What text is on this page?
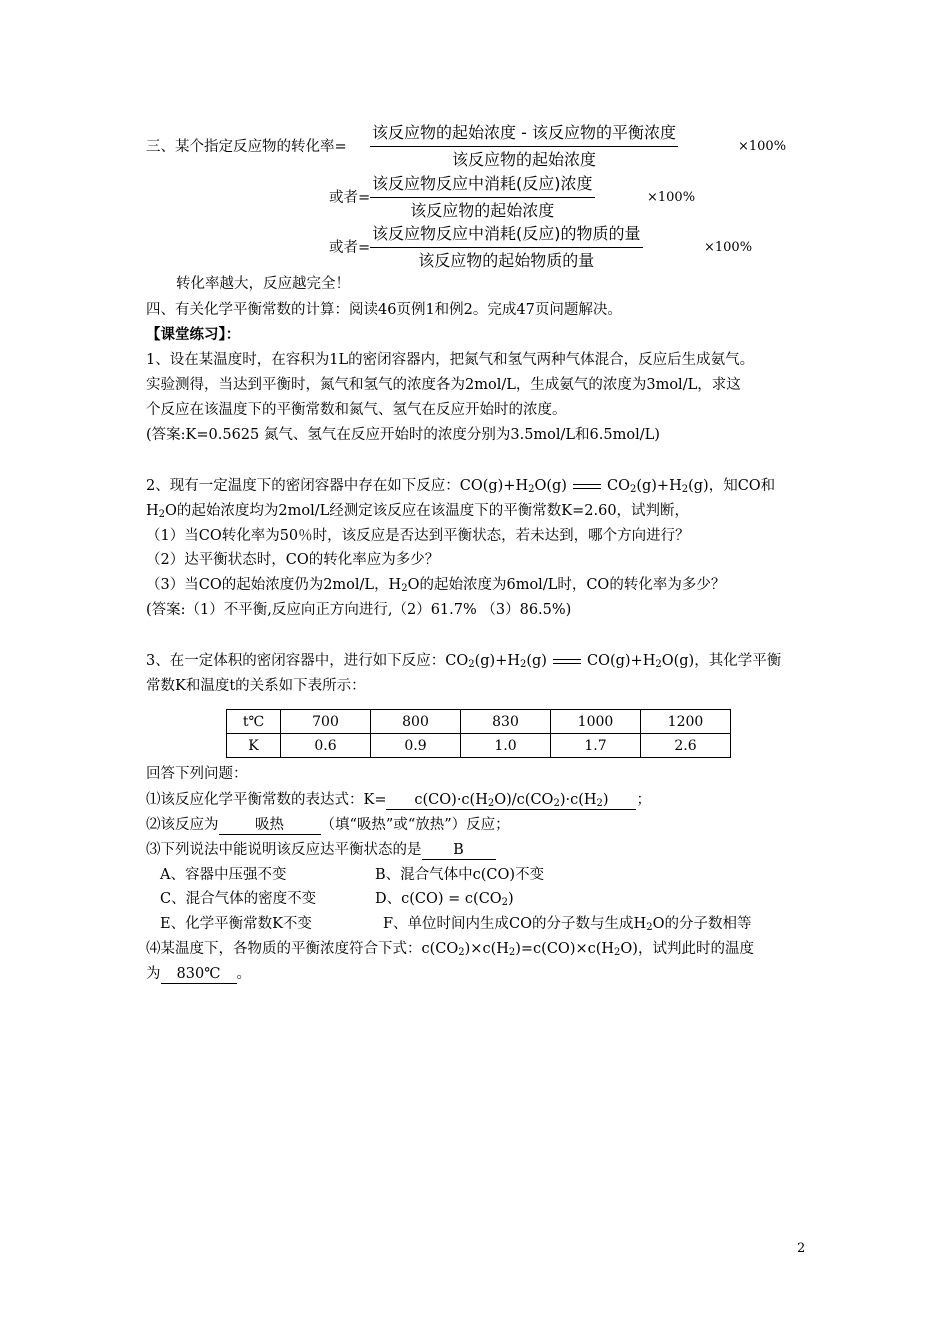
三、某个指定反应物的转化率=
该反应物的起始浓度 - 该反应物的平衡浓度
该反应物的起始浓度
×100%
或者=
该反应物反应中消耗(反应)浓度
该反应物的起始浓度
×100%
或者=
该反应物反应中消耗(反应)的物质的量
该反应物的起始物质的量
×100%
转化率越大，反应越完全！
四、有关化学平衡常数的计算：阅读46页例1和例2。完成47页问题解决。
【课堂练习】：
1、设在某温度时，在容积为1L的密闭容器内，把氮气和氢气两种气体混合，反应后生成氨气。
实验测得，当达到平衡时，氮气和氢气的浓度各为2mol/L，生成氨气的浓度为3mol/L，求这
个反应在该温度下的平衡常数和氮气、氢气在反应开始时的浓度。
(答案:K=0.5625 氮气、氢气在反应开始时的浓度分别为3.5mol/L和6.5mol/L)
2、现有一定温度下的密闭容器中存在如下反应：$CO(g)+H_2O(g)$	$CO_2(g)+H_2(g)$，知CO和
$H_2O$的起始浓度均为2mol/L经测定该反应在该温度下的平衡常数K=2.60，试判断，
（1）当CO转化率为50％时，该反应是否达到平衡状态，若未达到，哪个方向进行？
（2）达平衡状态时，CO的转化率应为多少？
（3）当CO的起始浓度仍为2mol/L，$H_2O$的起始浓度为6mol/L时，CO的转化率为多少？
(答案:（1）不平衡,反应向正方向进行,（2）61.7% （3）86.5%)
3、在一定体积的密闭容器中，进行如下反应：$CO_2(g)+H_2(g)$	$CO(g)+H_2O(g)$，其化学平衡
常数K和温度t的关系如下表所示：
t℃	700	800	830	1000	1200
K	0.6	0.9	1.0	1.7	2.6
回答下列问题：
⑴该反应化学平衡常数的表达式：$K= c(CO)\cdot c(H_2O)/c(CO_2)\cdot c(H_2)$ ；
⑵该反应为	吸热	（填“吸热”或“放热”）反应；
⑶下列说法中能说明该反应达平衡状态的是 B
A、容器中压强不变	B、混合气体中c(CO)不变
C、混合气体的密度不变	D、$c(CO) = c(CO_2)$
E、化学平衡常数K不变	F、单位时间内生成CO的分子数与生成$H_2O$的分子数相等
⑷某温度下，各物质的平衡浓度符合下式：$c(CO_2)\times c(H_2)=c(CO)\times c(H_2O)$，试判此时的温度
为 830℃ 。
2
